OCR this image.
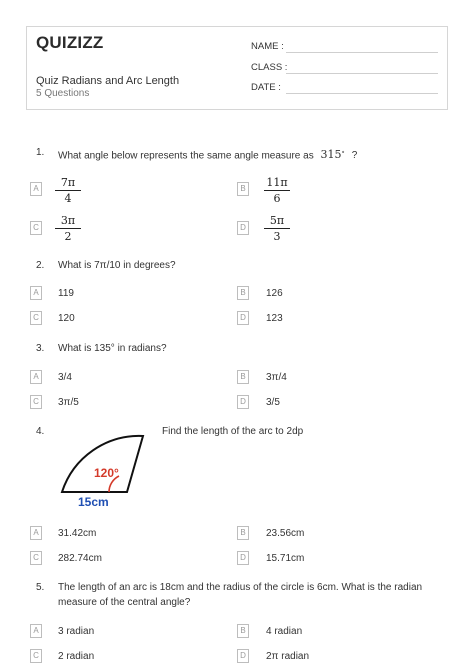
QUIZIZZ
Quiz Radians and Arc Length
5 Questions
NAME :
CLASS :
DATE :
1. What angle below represents the same angle measure as 315∘ ?
A	$\frac{7\pi}{4}$	B	$\frac{11\pi}{6}$
C $\frac{3\pi}{2}$	D $\frac{5\pi}{3}$
2. What is 7π/10 in degrees?
A	119	B	126
C	120	D	123
3. What is 135° in radians?
A	3/4	B	3π/4
C	3π/5	D	3/5
4.	Find the length of the arc to 2dp
120°
15cm
A	31.42cm	B	23.56cm
C	282.74cm	D	15.71cm
5. The length of an arc is 18cm and the radius of the circle is 6cm. What is the radian
measure of the central angle?
A	3 radian	B	4 radian
C	2 radian	D	2π radian
